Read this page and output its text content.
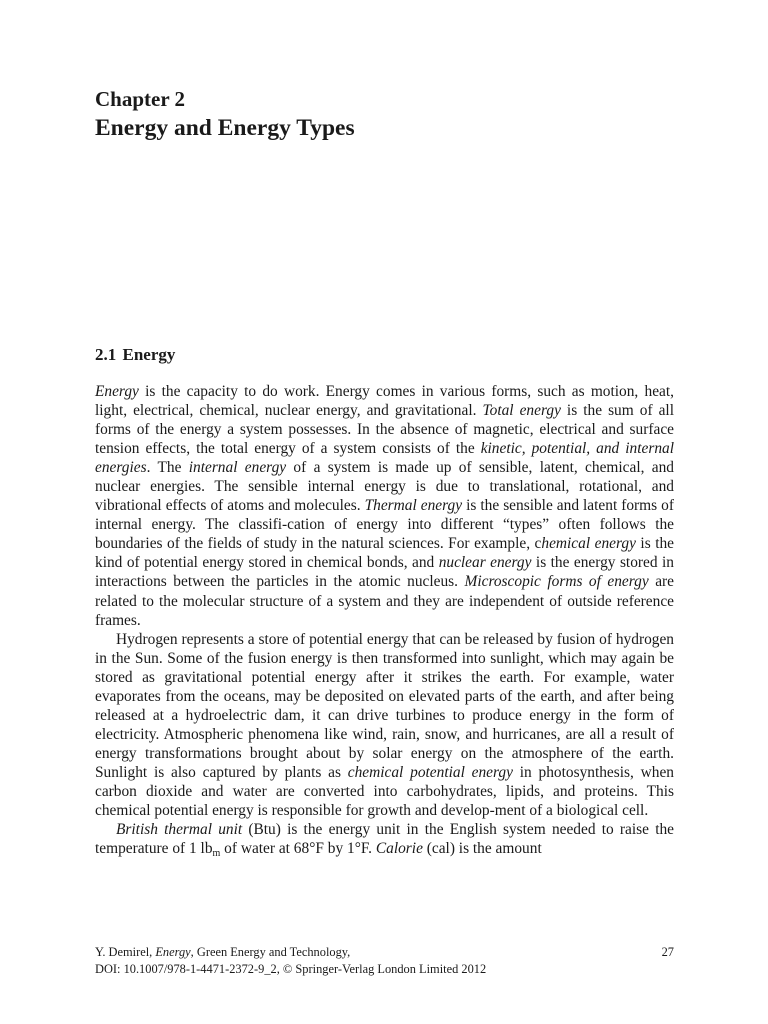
Chapter 2
Energy and Energy Types
2.1 Energy

Energy is the capacity to do work. Energy comes in various forms, such as motion, heat, light, electrical, chemical, nuclear energy, and gravitational. Total energy is the sum of all forms of the energy a system possesses. In the absence of magnetic, electrical and surface tension effects, the total energy of a system consists of the kinetic, potential, and internal energies. The internal energy of a system is made up of sensible, latent, chemical, and nuclear energies. The sensible internal energy is due to translational, rotational, and vibrational effects of atoms and molecules. Thermal energy is the sensible and latent forms of internal energy. The classifi-cation of energy into different “types” often follows the boundaries of the fields of study in the natural sciences. For example, chemical energy is the kind of potential energy stored in chemical bonds, and nuclear energy is the energy stored in interactions between the particles in the atomic nucleus. Microscopic forms of energy are related to the molecular structure of a system and they are independent of outside reference frames.

Hydrogen represents a store of potential energy that can be released by fusion of hydrogen in the Sun. Some of the fusion energy is then transformed into sunlight, which may again be stored as gravitational potential energy after it strikes the earth. For example, water evaporates from the oceans, may be deposited on elevated parts of the earth, and after being released at a hydroelectric dam, it can drive turbines to produce energy in the form of electricity. Atmospheric phenomena like wind, rain, snow, and hurricanes, are all a result of energy transformations brought about by solar energy on the atmosphere of the earth. Sunlight is also captured by plants as chemical potential energy in photosynthesis, when carbon dioxide and water are converted into carbohydrates, lipids, and proteins. This chemical potential energy is responsible for growth and develop-ment of a biological cell.

British thermal unit (Btu) is the energy unit in the English system needed to raise the temperature of 1 $lb_m$ of water at 68°F by 1°F. Calorie (cal) is the amount

Y. Demirel, Energy, Green Energy and Technology,
DOI: 10.1007/978-1-4471-2372-9_2, © Springer-Verlag London Limited 2012
27
